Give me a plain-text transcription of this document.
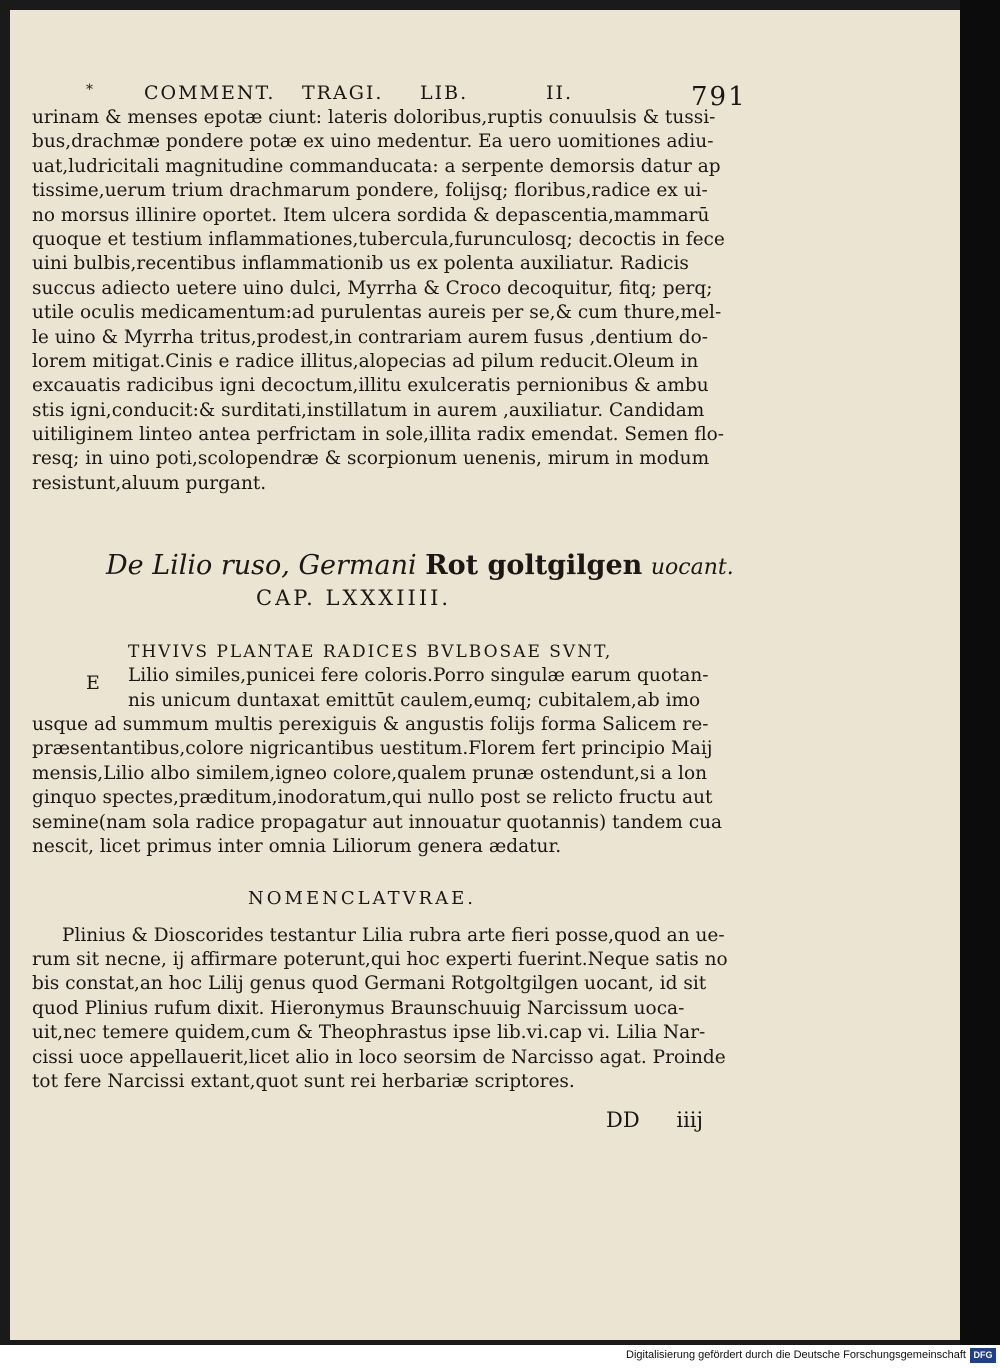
*	COMMENT. TRAGI. LIB.	II.	791
urinam & menses epotæ ciunt: lateris doloribus,ruptis conuulsis & tussi-
bus,drachmæ pondere potæ ex uino medentur. Ea uero uomitiones adiu-
uat,ludricitali magnitudine commanducata: a serpente demorsis datur ap
tissime,uerum trium drachmarum pondere, folijsq; floribus,radice ex ui-
no morsus illinire oportet. Item ulcera sordida & depascentia,mammarū
quoque et testium inflammationes,tubercula,furunculosq; decoctis in fece
uini bulbis,recentibus inflammationib us ex polenta auxiliatur. Radicis
succus adiecto uetere uino dulci, Myrrha & Croco decoquitur, fitq; perq;
utile oculis medicamentum:ad purulentas aureis per se,& cum thure,mel-
le uino & Myrrha tritus,prodest,in contrariam aurem fusus ,dentium do-
lorem mitigat.Cinis e radice illitus,alopecias ad pilum reducit.Oleum in
excauatis radicibus igni decoctum,illitu exulceratis pernionibus & ambu
stis igni,conducit:& surditati,instillatum in aurem ,auxiliatur. Candidam
uitiliginem linteo antea perfrictam in sole,illita radix emendat. Semen flo-
resq; in uino poti,scolopendræ & scorpionum uenenis, mirum in modum
resistunt,aluum purgant.
De Lilio ruso, Germani Rot goltgilgen uocant.
CAP. LXXXIIII.
E
THVIVS PLANTAE RADICES BVLBOSAE SVNT,
Lilio similes,punicei fere coloris.Porro singulæ earum quotan-
nis unicum duntaxat emittūt caulem,eumq; cubitalem,ab imo
usque ad summum multis perexiguis & angustis folijs forma Salicem re-
præsentantibus,colore nigricantibus uestitum.Florem fert principio Maij
mensis,Lilio albo similem,igneo colore,qualem prunæ ostendunt,si a lon
ginquo spectes,præditum,inodoratum,qui nullo post se relicto fructu aut
semine(nam sola radice propagatur aut innouatur quotannis) tandem cua
nescit, licet primus inter omnia Liliorum genera ædatur.
NOMENCLATVRAE.
Plinius & Dioscorides testantur Lilia rubra arte fieri posse,quod an ue-
rum sit necne, ij affirmare poterunt,qui hoc experti fuerint.Neque satis no
bis constat,an hoc Lilij genus quod Germani Rotgoltgilgen uocant, id sit
quod Plinius rufum dixit. Hieronymus Braunschuuig Narcissum uoca-
uit,nec temere quidem,cum & Theophrastus ipse lib.vi.cap vi. Lilia Nar-
cissi uoce appellauerit,licet alio in loco seorsim de Narcisso agat. Proinde
tot fere Narcissi extant,quot sunt rei herbariæ scriptores.
DD iiij
Digitalisierung gefördert durch die Deutsche Forschungsgemeinschaft DFG
